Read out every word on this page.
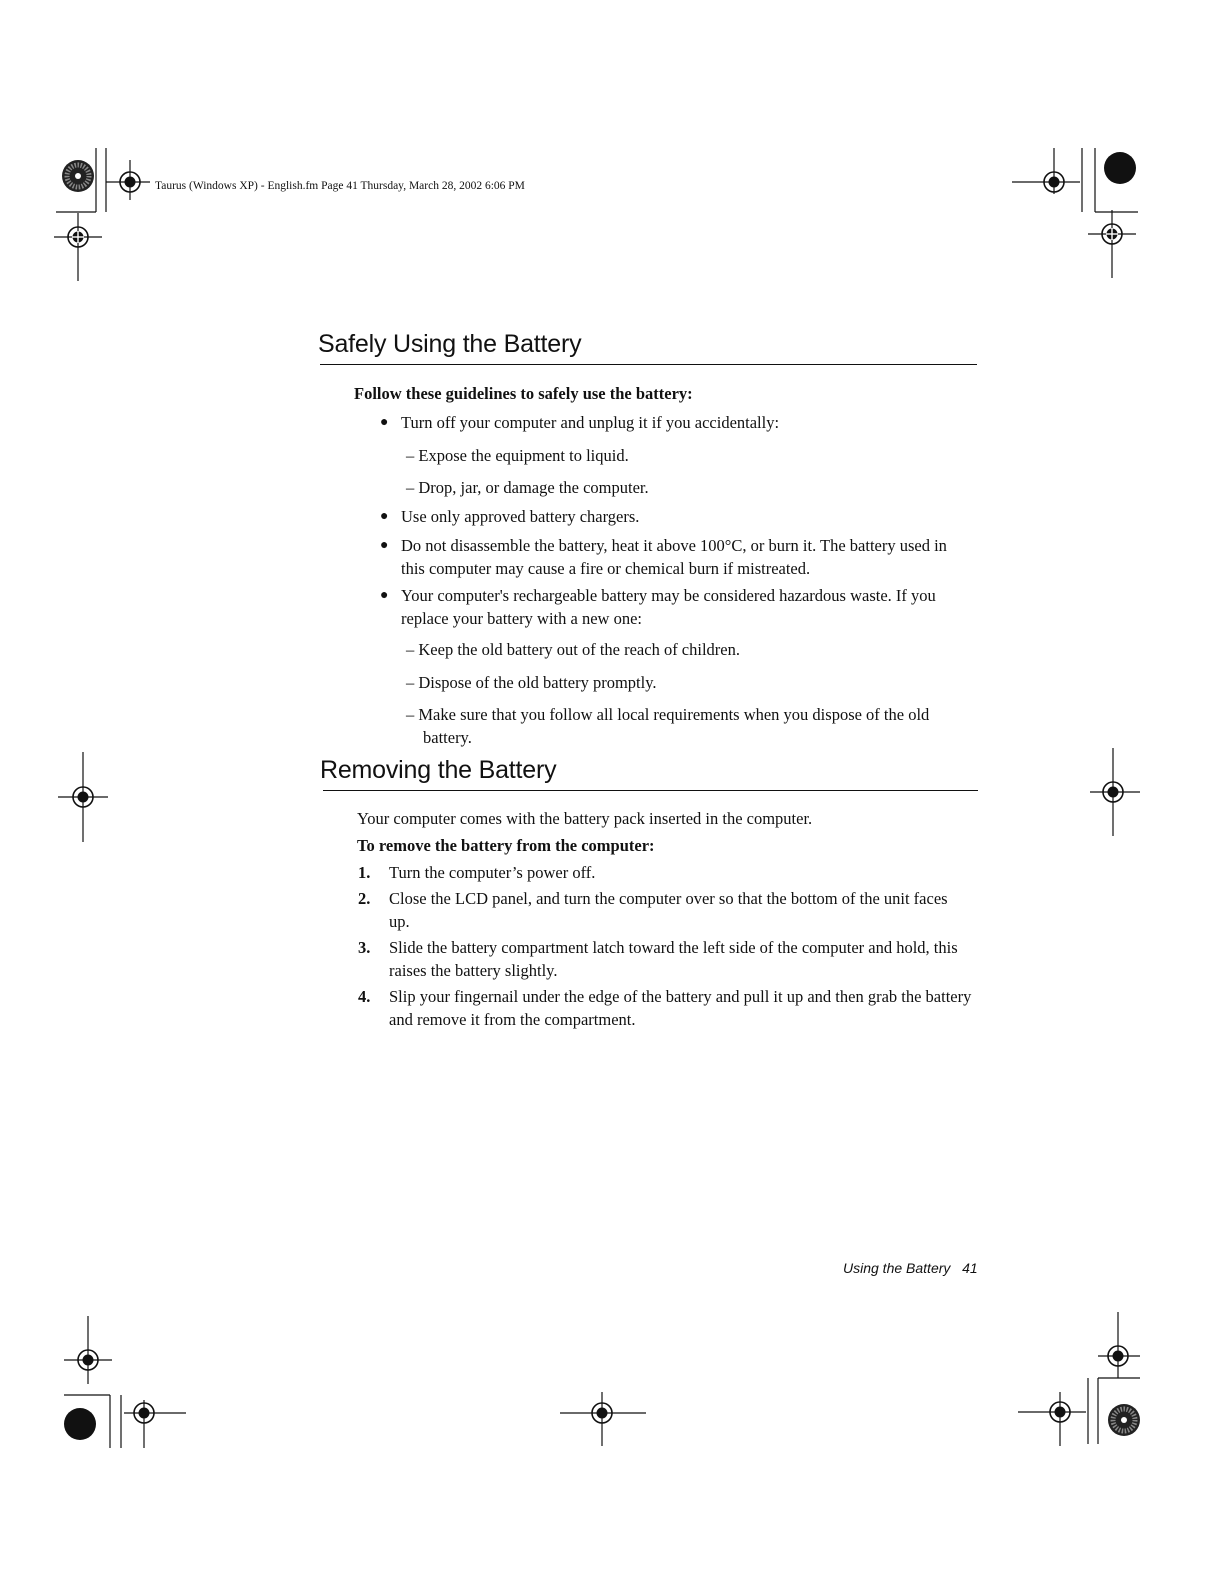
Taurus (Windows XP) - English.fm Page 41 Thursday, March 28, 2002 6:06 PM
Safely Using the Battery

Follow these guidelines to safely use the battery:

● Turn off your computer and unplug it if you accidentally:

– Expose the equipment to liquid.

– Drop, jar, or damage the computer.

● Use only approved battery chargers.

● Do not disassemble the battery, heat it above 100°C, or burn it. The battery used in this computer may cause a fire or chemical burn if mistreated.

● Your computer's rechargeable battery may be considered hazardous waste. If you replace your battery with a new one:

– Keep the old battery out of the reach of children.

– Dispose of the old battery promptly.

– Make sure that you follow all local requirements when you dispose of the old battery.

Removing the Battery

Your computer comes with the battery pack inserted in the computer.

To remove the battery from the computer:

1. Turn the computer’s power off.

2. Close the LCD panel, and turn the computer over so that the bottom of the unit faces up.

3. Slide the battery compartment latch toward the left side of the computer and hold, this raises the battery slightly.

4. Slip your fingernail under the edge of the battery and pull it up and then grab the battery and remove it from the compartment.

Using the Battery 41
